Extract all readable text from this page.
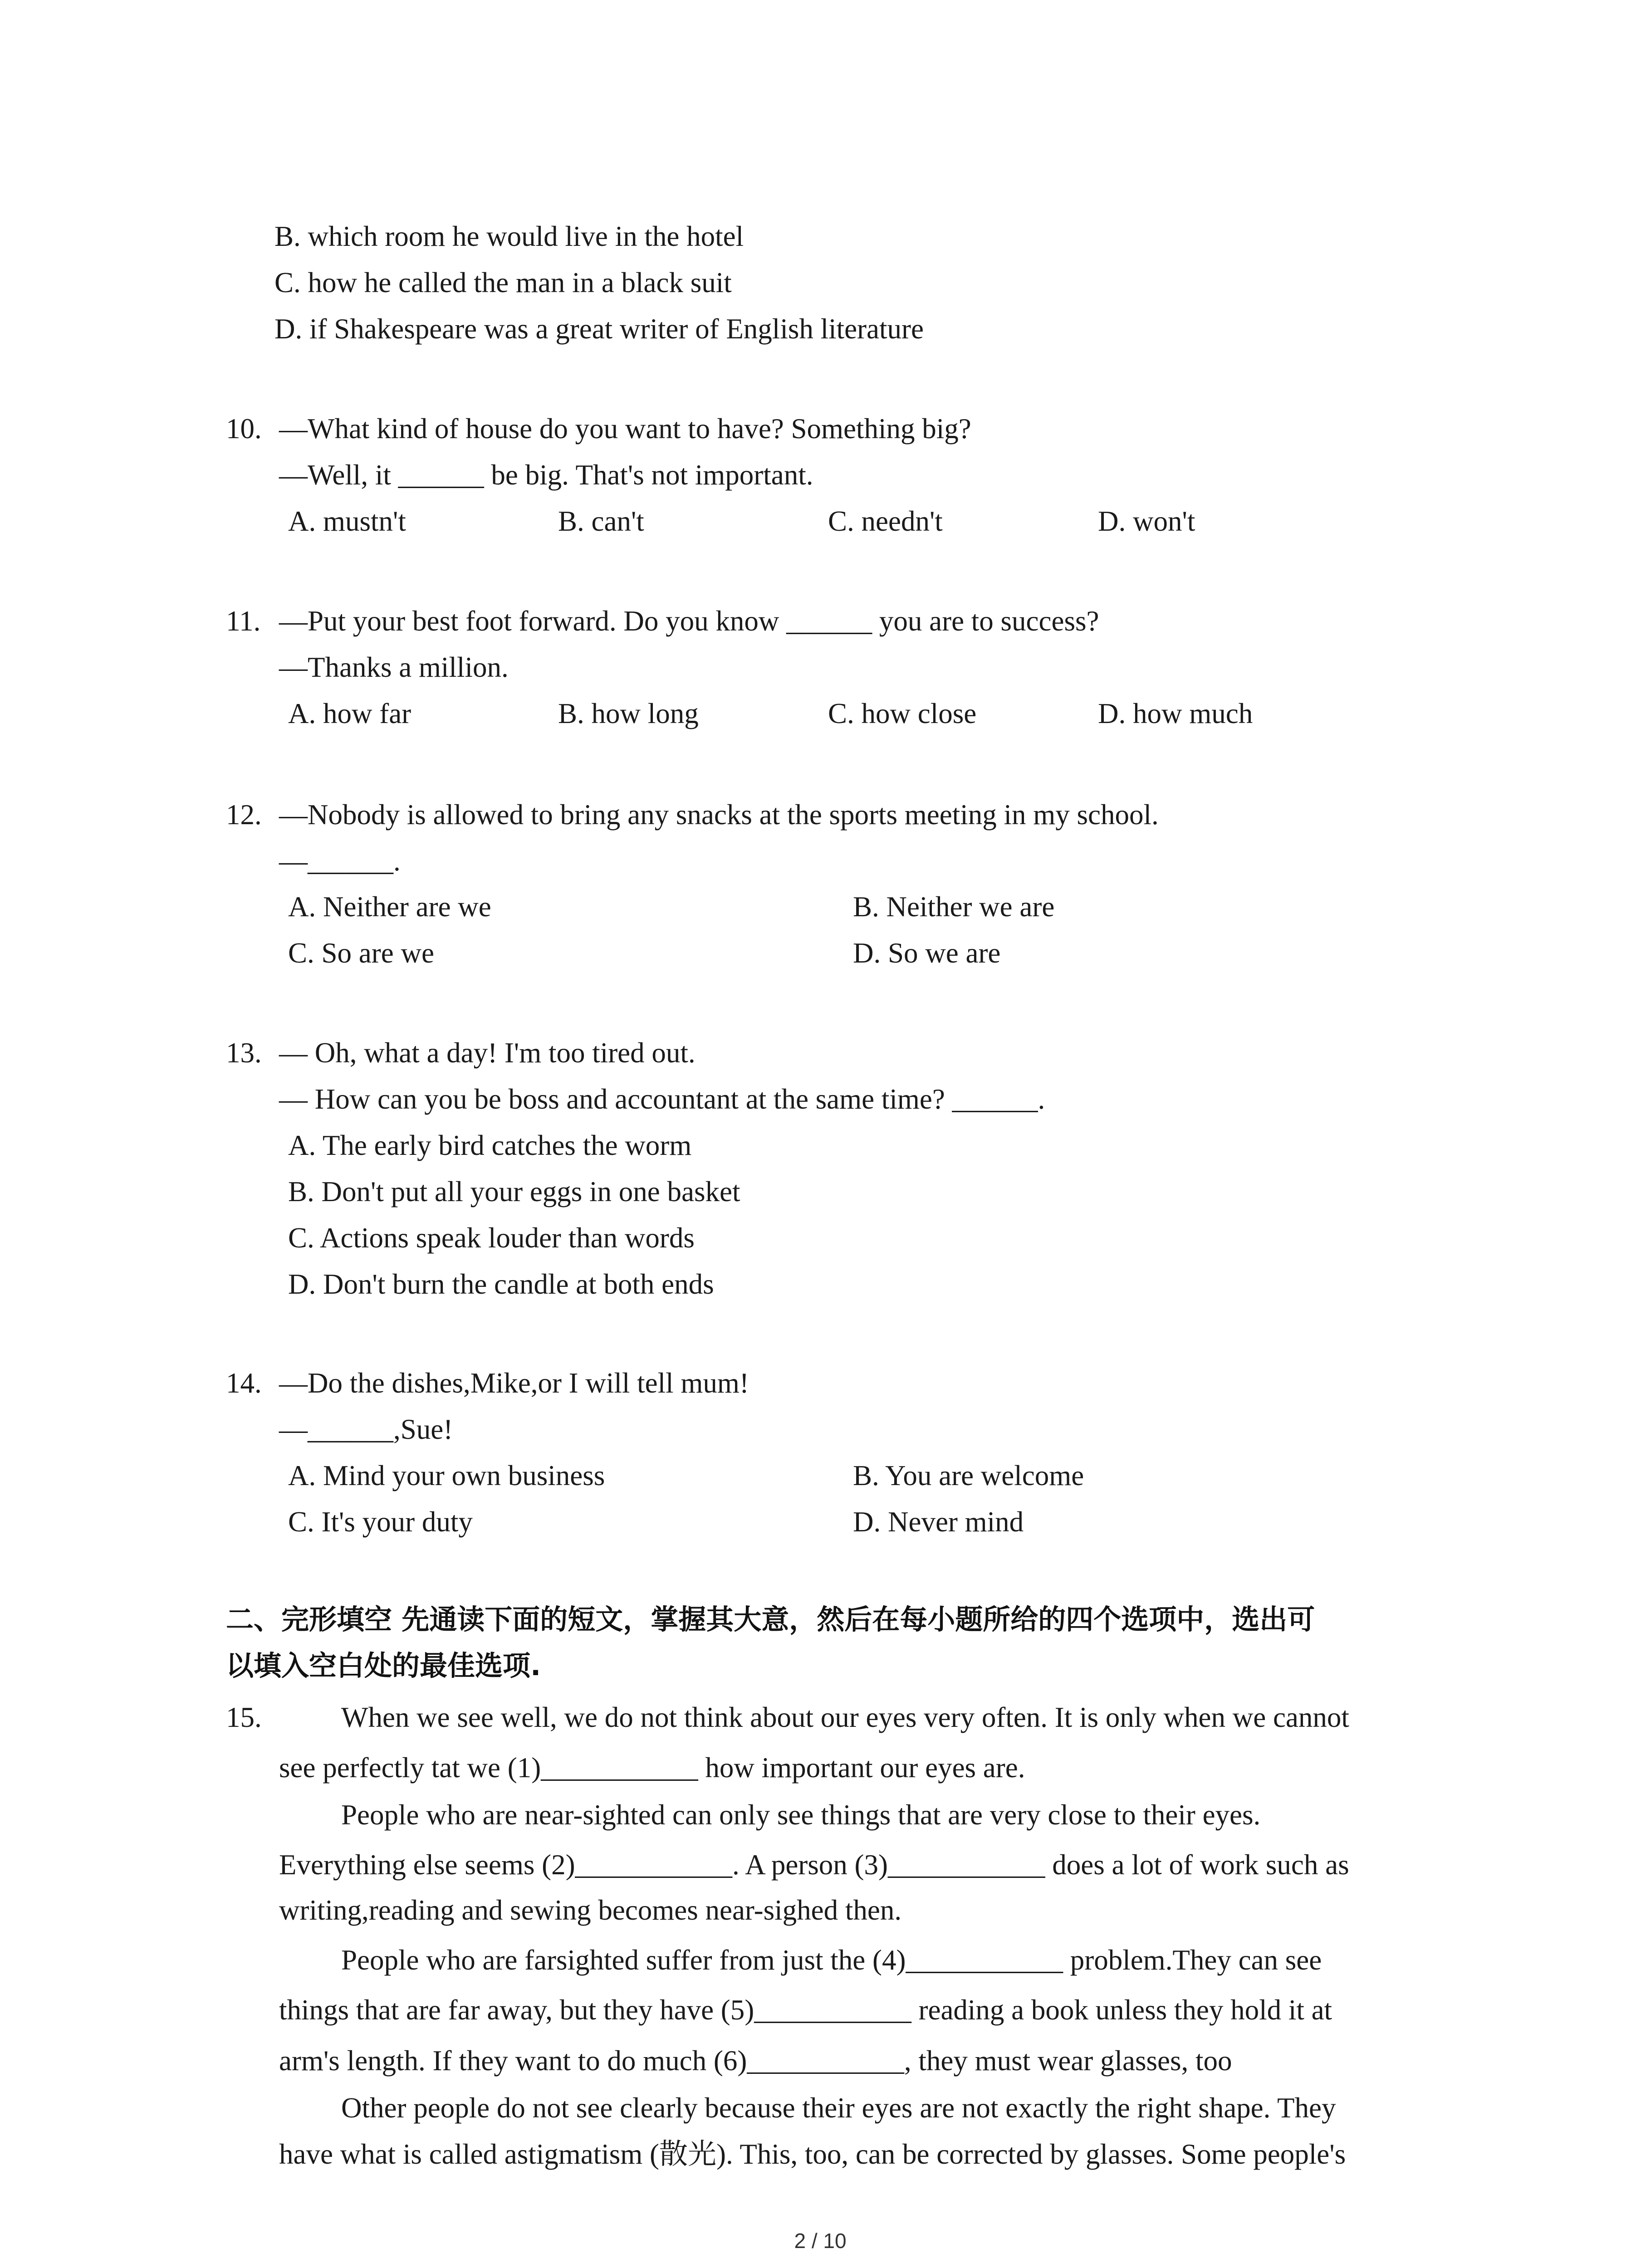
B. which room he would live in the hotel
C. how he called the man in a black suit
D. if Shakespeare was a great writer of English literature
10. —What kind of house do you want to have? Something big?
—Well, it ______ be big. That's not important.
A. mustn't	B. can't	C. needn't	D. won't
11. —Put your best foot forward. Do you know ______ you are to success?
—Thanks a million.
A. how far	B. how long	C. how close	D. how much
12. —Nobody is allowed to bring any snacks at the sports meeting in my school.
—______.
A. Neither are we	B. Neither we are
C. So are we	D. So we are
13. — Oh, what a day! I'm too tired out.
— How can you be boss and accountant at the same time? ______.
A. The early bird catches the worm
B. Don't put all your eggs in one basket
C. Actions speak louder than words
D. Don't burn the candle at both ends
14. —Do the dishes,Mike,or I will tell mum!
—______,Sue!
A. Mind your own business	B. You are welcome
C. It's your duty	D. Never mind
二、完形填空 先通读下面的短文，掌握其大意，然后在每小题所给的四个选项中，选出可
以填入空白处的最佳选项.
15.	When we see well, we do not think about our eyes very often. It is only when we cannot
see perfectly tat we (1)___________ how important our eyes are.
People who are near-sighted can only see things that are very close to their eyes.
Everything else seems (2)___________. A person (3)___________ does a lot of work such as
writing,reading and sewing becomes near-sighed then.
People who are farsighted suffer from just the (4)___________ problem.They can see
things that are far away, but they have (5)___________ reading a book unless they hold it at
arm's length. If they want to do much (6)___________, they must wear glasses, too
Other people do not see clearly because their eyes are not exactly the right shape. They
have what is called astigmatism (散光). This, too, can be corrected by glasses. Some people's
2 / 10
